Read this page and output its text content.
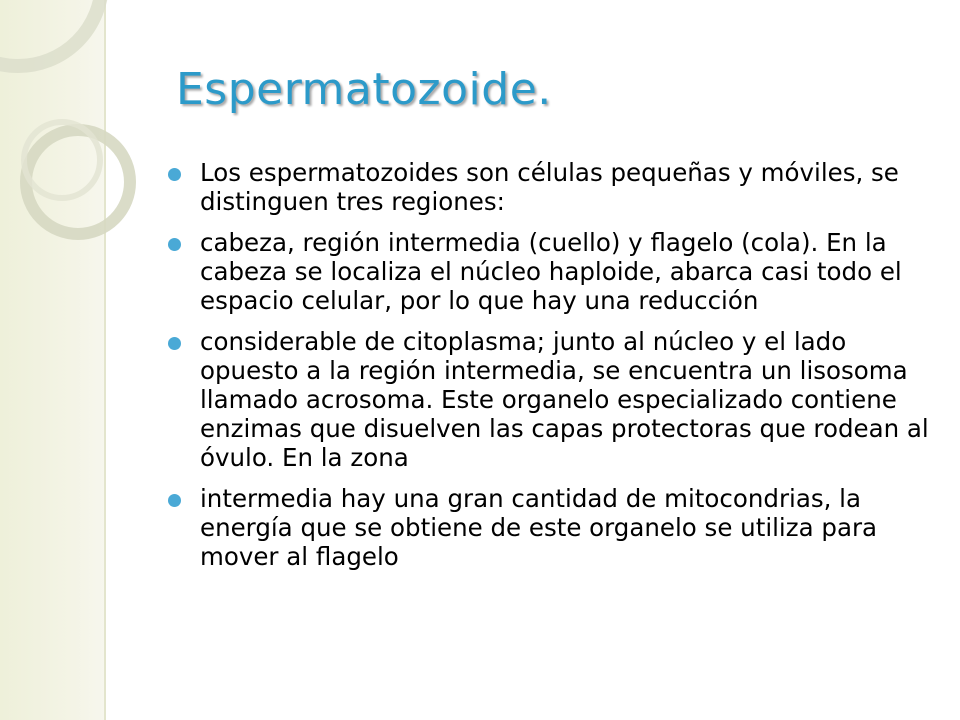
Espermatozoide.
Los espermatozoides son células pequeñas y móviles, se distinguen tres regiones:
cabeza, región intermedia (cuello) y flagelo (cola). En la cabeza se localiza el núcleo haploide, abarca casi todo el espacio celular, por lo que hay una reducción
considerable de citoplasma; junto al núcleo y el lado opuesto a la región intermedia, se encuentra un lisosoma llamado acrosoma. Este organelo especializado contiene enzimas que disuelven las capas protectoras que rodean al óvulo. En la zona
intermedia hay una gran cantidad de mitocondrias, la energía que se obtiene de este organelo se utiliza para mover al flagelo
